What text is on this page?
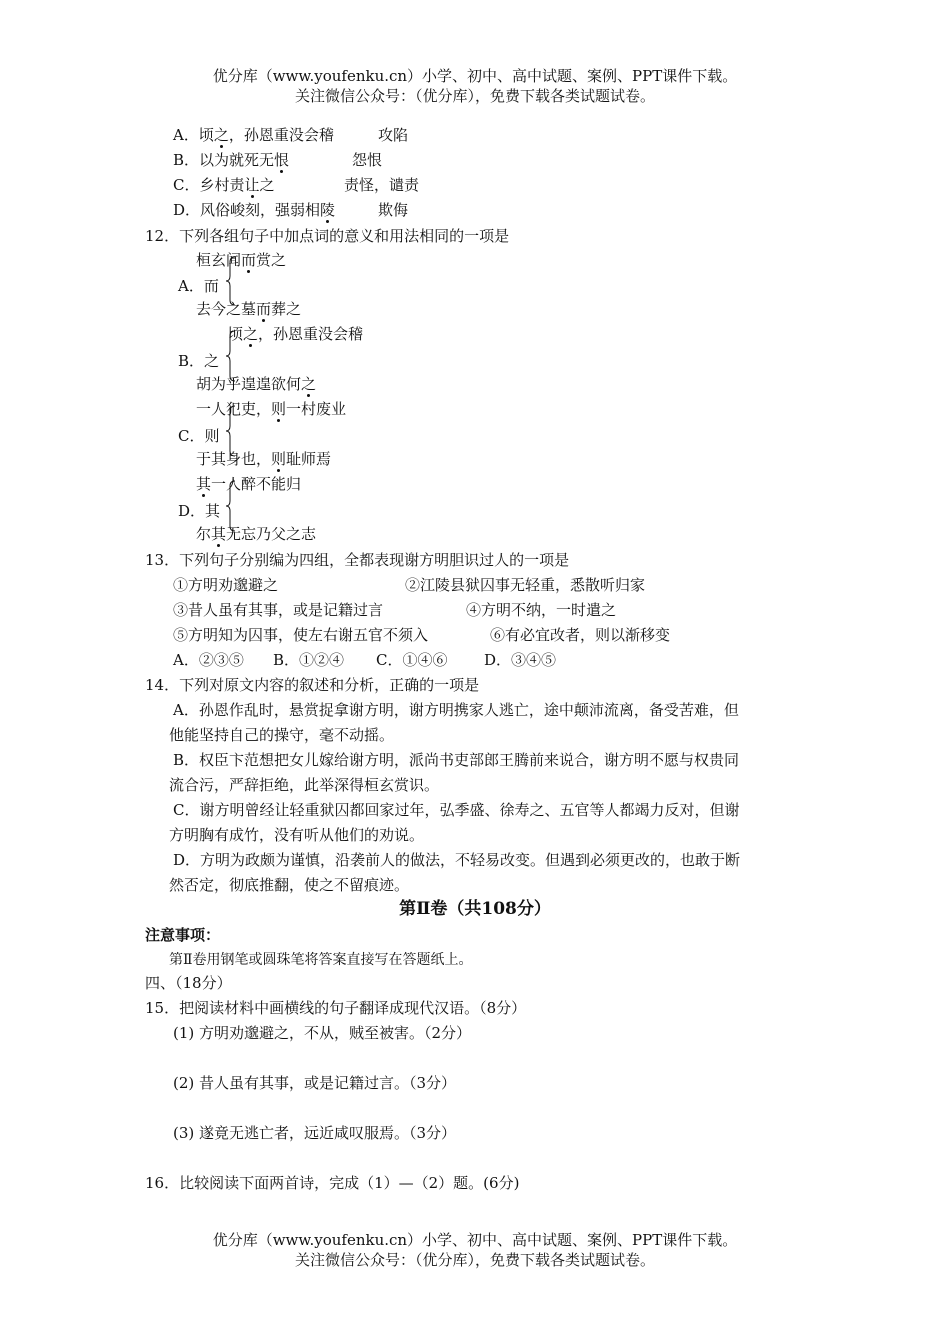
优分库（www.youfenku.cn）小学、初中、高中试题、案例、PPT课件下载。
关注微信公众号：（优分库），免费下载各类试题试卷。
A．顷之，孙恩重没会稽	攻陷
B．以为就死无恨	怨恨
C．乡村责让之	责怪，谴责
D．风俗峻刻，强弱相陵	欺侮
12．下列各组句子中加点词的意义和用法相同的一项是
桓玄闻而赏之
A．而
去今之墓而葬之
顷之，孙恩重没会稽
B．之
胡为乎遑遑欲何之
一人犯吏，则一村废业
C．则
于其身也，则耻师焉
其一人醉不能归
D．其
尔其无忘乃父之志
13．下列句子分别编为四组，全都表现谢方明胆识过人的一项是
①方明劝邈避之	②江陵县狱囚事无轻重，悉散听归家
③昔人虽有其事，或是记籍过言	④方明不纳，一时遣之
⑤方明知为囚事，使左右谢五官不须入	⑥有必宜改者，则以渐移变
A．②③⑤ B．①②④ C．①④⑥ D．③④⑤
14．下列对原文内容的叙述和分析，正确的一项是
A．孙恩作乱时，悬赏捉拿谢方明，谢方明携家人逃亡，途中颠沛流离，备受苦难，但
他能坚持自己的操守，毫不动摇。
B．权臣卞范想把女儿嫁给谢方明，派尚书吏部郎王腾前来说合，谢方明不愿与权贵同
流合污，严辞拒绝，此举深得桓玄赏识。
C．谢方明曾经让轻重狱囚都回家过年，弘季盛、徐寿之、五官等人都竭力反对，但谢
方明胸有成竹，没有听从他们的劝说。
D．方明为政颇为谨慎，沿袭前人的做法，不轻易改变。但遇到必须更改的，也敢于断
然否定，彻底推翻，使之不留痕迹。
第Ⅱ卷（共108分）
注意事项：
第Ⅱ卷用钢笔或圆珠笔将答案直接写在答题纸上。
四、（18分）
15．把阅读材料中画横线的句子翻译成现代汉语。（8分）
(1) 方明劝邈避之，不从，贼至被害。（2分）
(2) 昔人虽有其事，或是记籍过言。（3分）
(3) 遂竟无逃亡者，远近咸叹服焉。（3分）
16．比较阅读下面两首诗，完成（1）—（2）题。(6分)
优分库（www.youfenku.cn）小学、初中、高中试题、案例、PPT课件下载。
关注微信公众号：（优分库），免费下载各类试题试卷。
